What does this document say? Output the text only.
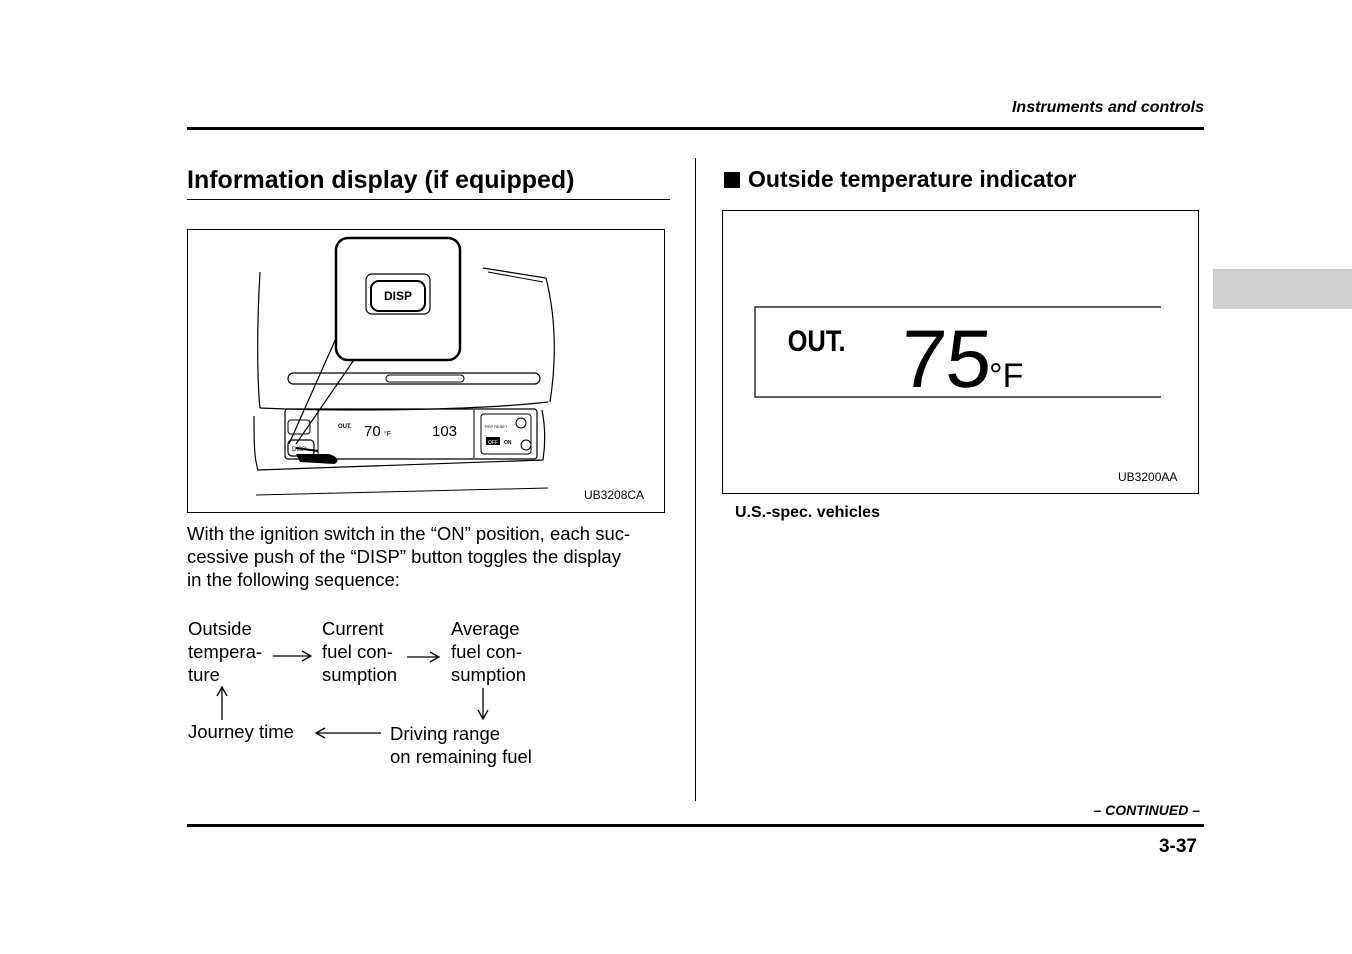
Instruments and controls
Information display (if equipped)
DISP
OUT. 70 °F	103	TRIP RESET
OFF ON
DISP
UB3208CA
With the ignition switch in the “ON” position, each suc-
cessive push of the “DISP” button toggles the display
in the following sequence:
Outside
tempera-
ture
Current
fuel con-
sumption
Average
fuel con-
sumption
Driving range
on remaining fuel
Journey time
Outside temperature indicator
OUT. 75
°F
UB3200AA
U.S.-spec. vehicles
– CONTINUED –
3-37
